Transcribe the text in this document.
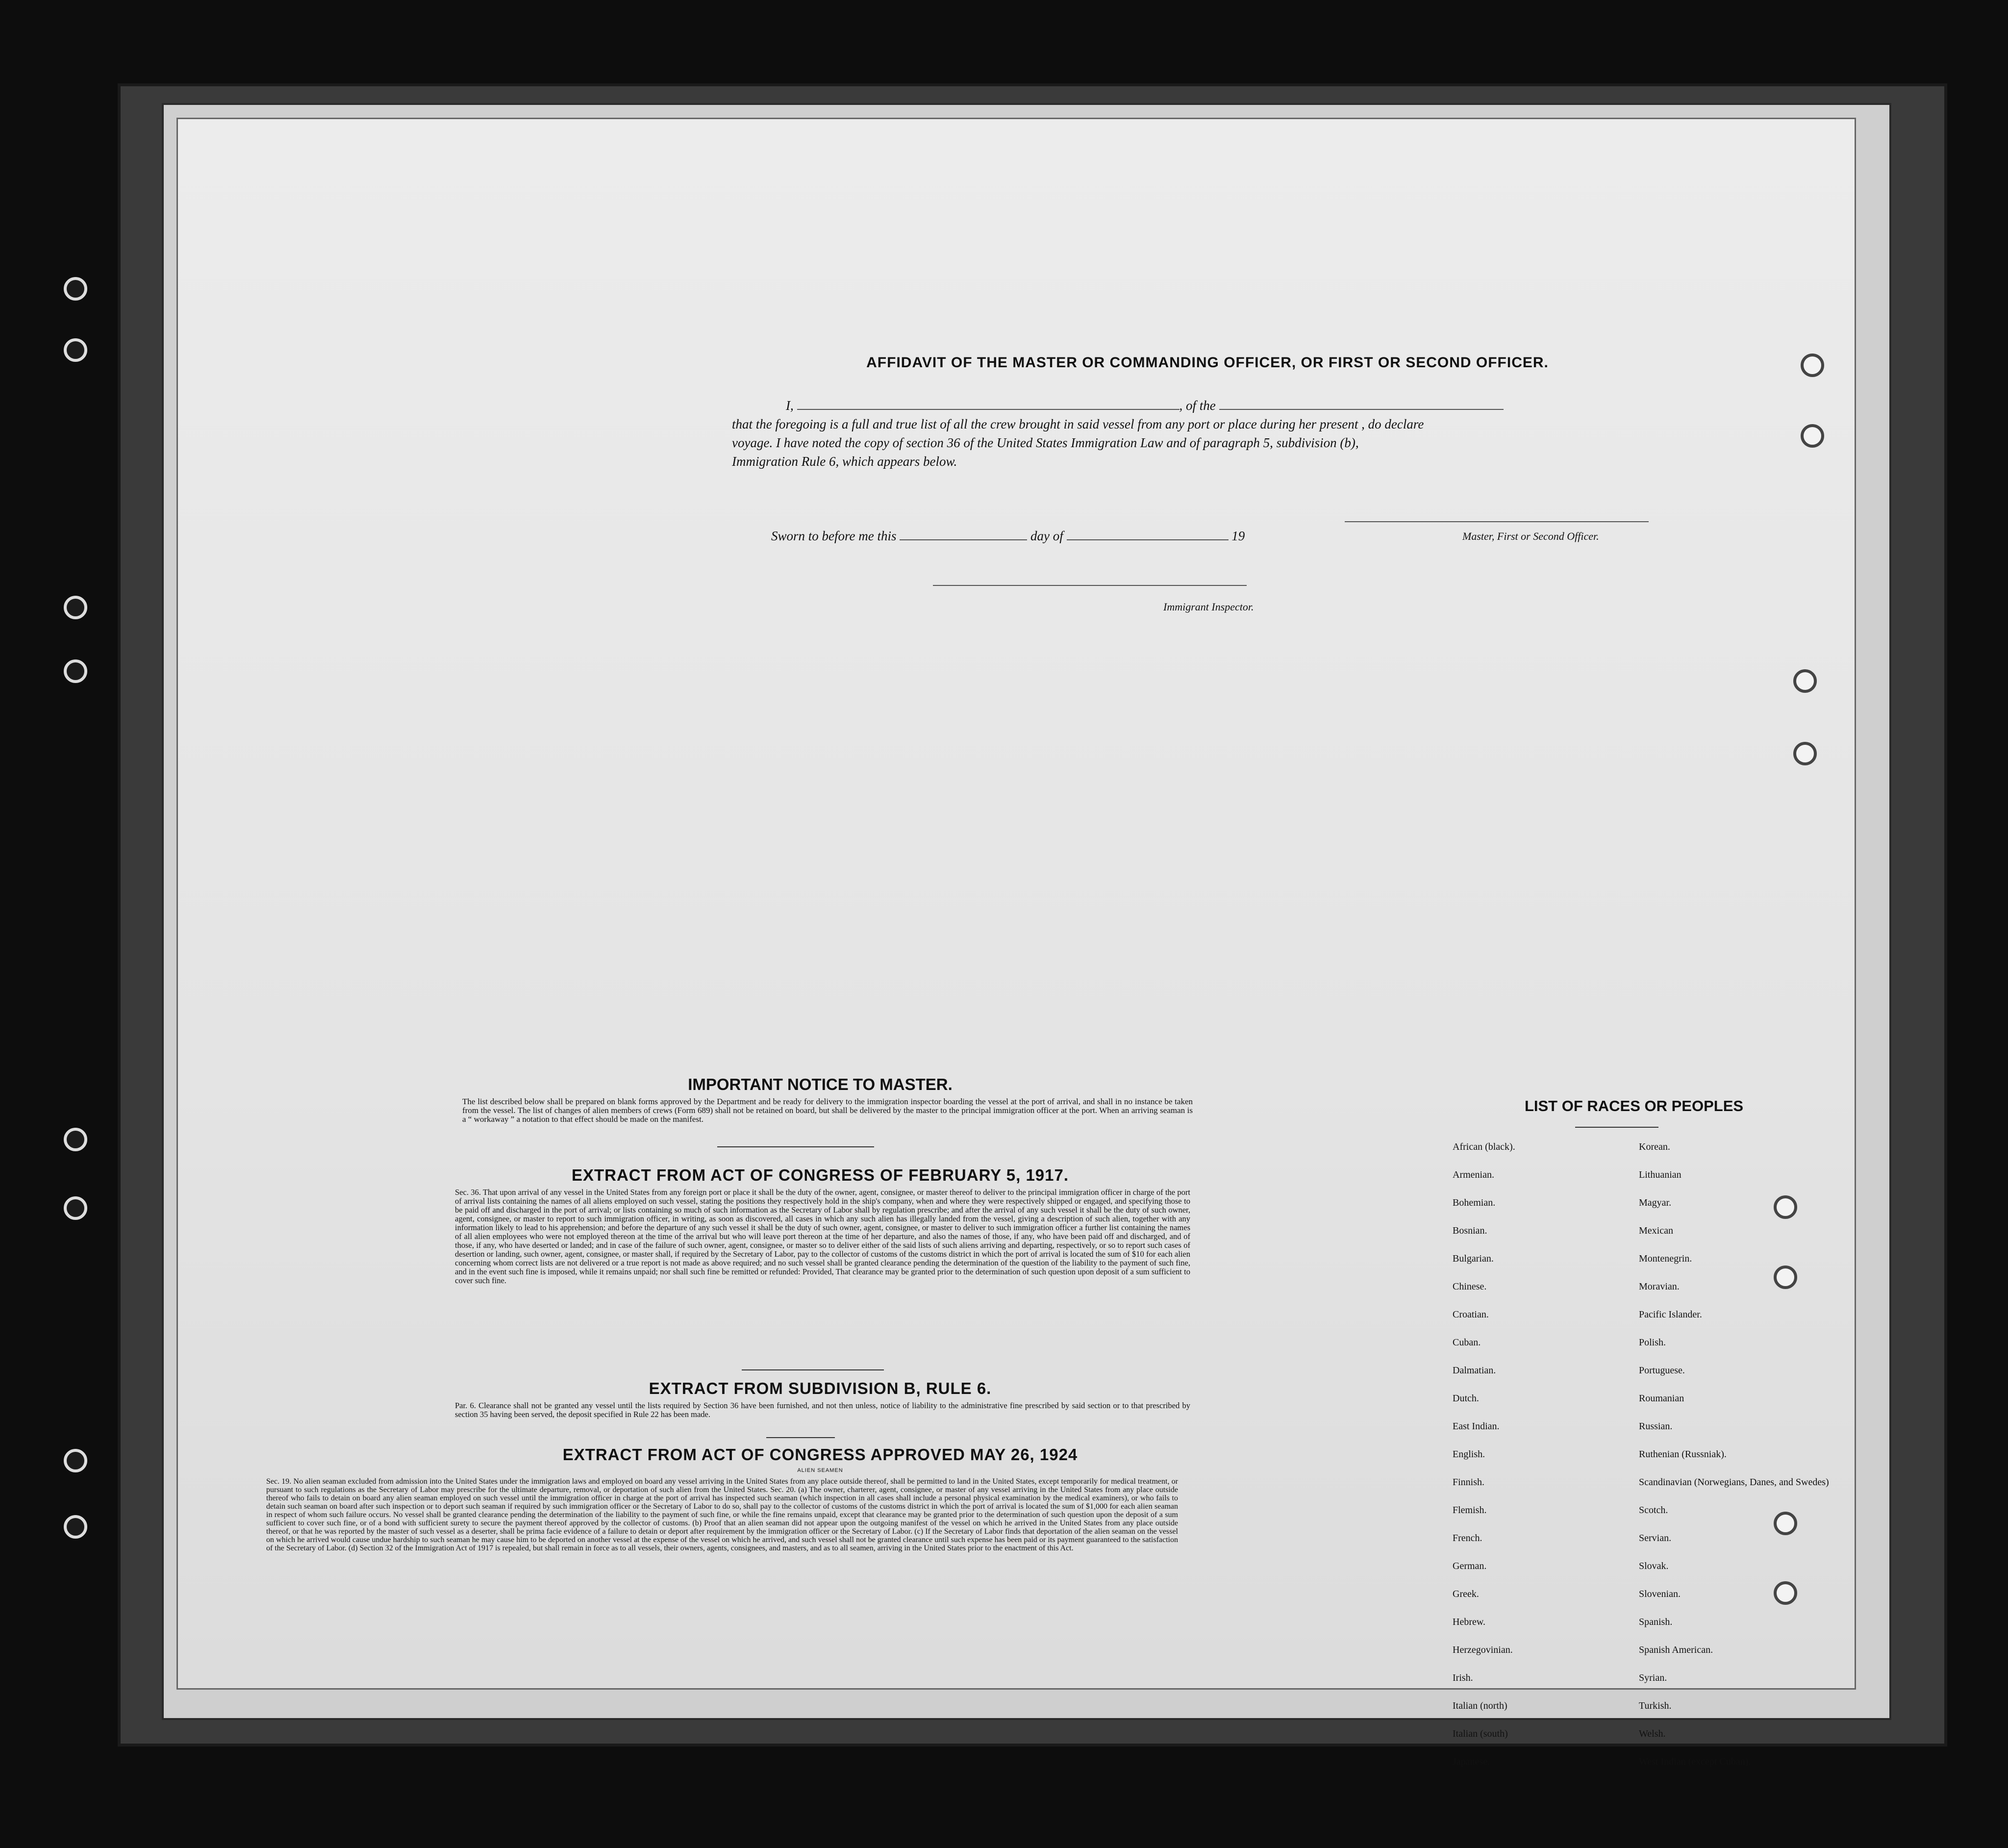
AFFIDAVIT OF THE MASTER OR COMMANDING OFFICER, OR FIRST OR SECOND OFFICER.
I,	, of the
that the foregoing is a full and true list of all the crew brought in said vessel from any port or place during her present , do declare
voyage. I have noted the copy of section 36 of the United States Immigration Law and of paragraph 5, subdivision (b),
Immigration Rule 6, which appears below.
Sworn to before me this	day of	19	Master, First or Second Officer.
Immigrant Inspector.
IMPORTANT NOTICE TO MASTER.
The list described below shall be prepared on blank forms approved by the Department and be ready for delivery to the immigration inspector boarding the vessel at the port of arrival, and shall in no instance be taken from the vessel. The list of changes of alien members of crews (Form 689) shall not be retained on board, but shall be delivered by the master to the principal immigration officer at the port. When an arriving seaman is a “ workaway ” a notation to that effect should be made on the manifest.
EXTRACT FROM ACT OF CONGRESS OF FEBRUARY 5, 1917.
Sec. 36. That upon arrival of any vessel in the United States from any foreign port or place it shall be the duty of the owner, agent, consignee, or master thereof to deliver to the principal immigration officer in charge of the port of arrival lists containing the names of all aliens employed on such vessel, stating the positions they respectively hold in the ship's company, when and where they were respectively shipped or engaged, and specifying those to be paid off and discharged in the port of arrival; or lists containing so much of such information as the Secretary of Labor shall by regulation prescribe; and after the arrival of any such vessel it shall be the duty of such owner, agent, consignee, or master to report to such immigration officer, in writing, as soon as discovered, all cases in which any such alien has illegally landed from the vessel, giving a description of such alien, together with any information likely to lead to his apprehension; and before the departure of any such vessel it shall be the duty of such owner, agent, consignee, or master to deliver to such immigration officer a further list containing the names of all alien employees who were not employed thereon at the time of the arrival but who will leave port thereon at the time of her departure, and also the names of those, if any, who have been paid off and discharged, and of those, if any, who have deserted or landed; and in case of the failure of such owner, agent, consignee, or master so to deliver either of the said lists of such aliens arriving and departing, respectively, or so to report such cases of desertion or landing, such owner, agent, consignee, or master shall, if required by the Secretary of Labor, pay to the collector of customs of the customs district in which the port of arrival is located the sum of $10 for each alien concerning whom correct lists are not delivered or a true report is not made as above required; and no such vessel shall be granted clearance pending the determination of the question of the liability to the payment of such fine, and in the event such fine is imposed, while it remains unpaid; nor shall such fine be remitted or refunded: Provided, That clearance may be granted prior to the determination of such question upon deposit of a sum sufficient to cover such fine.
EXTRACT FROM SUBDIVISION B, RULE 6.
Par. 6. Clearance shall not be granted any vessel until the lists required by Section 36 have been furnished, and not then unless, notice of liability to the administrative fine prescribed by said section or to that prescribed by section 35 having been served, the deposit specified in Rule 22 has been made.
EXTRACT FROM ACT OF CONGRESS APPROVED MAY 26, 1924
ALIEN SEAMEN
Sec. 19. No alien seaman excluded from admission into the United States under the immigration laws and employed on board any vessel arriving in the United States from any place outside thereof, shall be permitted to land in the United States, except temporarily for medical treatment, or pursuant to such regulations as the Secretary of Labor may prescribe for the ultimate departure, removal, or deportation of such alien from the United States. Sec. 20. (a) The owner, charterer, agent, consignee, or master of any vessel arriving in the United States from any place outside thereof who fails to detain on board any alien seaman employed on such vessel until the immigration officer in charge at the port of arrival has inspected such seaman (which inspection in all cases shall include a personal physical examination by the medical examiners), or who fails to detain such seaman on board after such inspection or to deport such seaman if required by such immigration officer or the Secretary of Labor to do so, shall pay to the collector of customs of the customs district in which the port of arrival is located the sum of $1,000 for each alien seaman in respect of whom such failure occurs. No vessel shall be granted clearance pending the determination of the liability to the payment of such fine, or while the fine remains unpaid, except that clearance may be granted prior to the determination of such question upon the deposit of a sum sufficient to cover such fine, or of a bond with sufficient surety to secure the payment thereof approved by the collector of customs. (b) Proof that an alien seaman did not appear upon the outgoing manifest of the vessel on which he arrived in the United States from any place outside thereof, or that he was reported by the master of such vessel as a deserter, shall be prima facie evidence of a failure to detain or deport after requirement by the immigration officer or the Secretary of Labor. (c) If the Secretary of Labor finds that deportation of the alien seaman on the vessel on which he arrived would cause undue hardship to such seaman he may cause him to be deported on another vessel at the expense of the vessel on which he arrived, and such vessel shall not be granted clearance until such expense has been paid or its payment guaranteed to the satisfaction of the Secretary of Labor. (d) Section 32 of the Immigration Act of 1917 is repealed, but shall remain in force as to all vessels, their owners, agents, consignees, and masters, and as to all seamen, arriving in the United States prior to the enactment of this Act.
LIST OF RACES OR PEOPLES
African (black).
Armenian.
Bohemian.
Bosnian.
Bulgarian.
Chinese.
Croatian.
Cuban.
Dalmatian.
Dutch.
East Indian.
English.
Finnish.
Flemish.
French.
German.
Greek.
Hebrew.
Herzegovinian.
Irish.
Italian (north)
Italian (south)
Japanese.
Korean.
Lithuanian
Magyar.
Mexican
Montenegrin.
Moravian.
Pacific Islander.
Polish.
Portuguese.
Roumanian
Russian.
Ruthenian (Russniak).
Scandinavian (Norwegians, Danes, and Swedes)
Scotch.
Servian.
Slovak.
Slovenian.
Spanish.
Spanish American.
Syrian.
Turkish.
Welsh.
West Indian (except Cuban).
